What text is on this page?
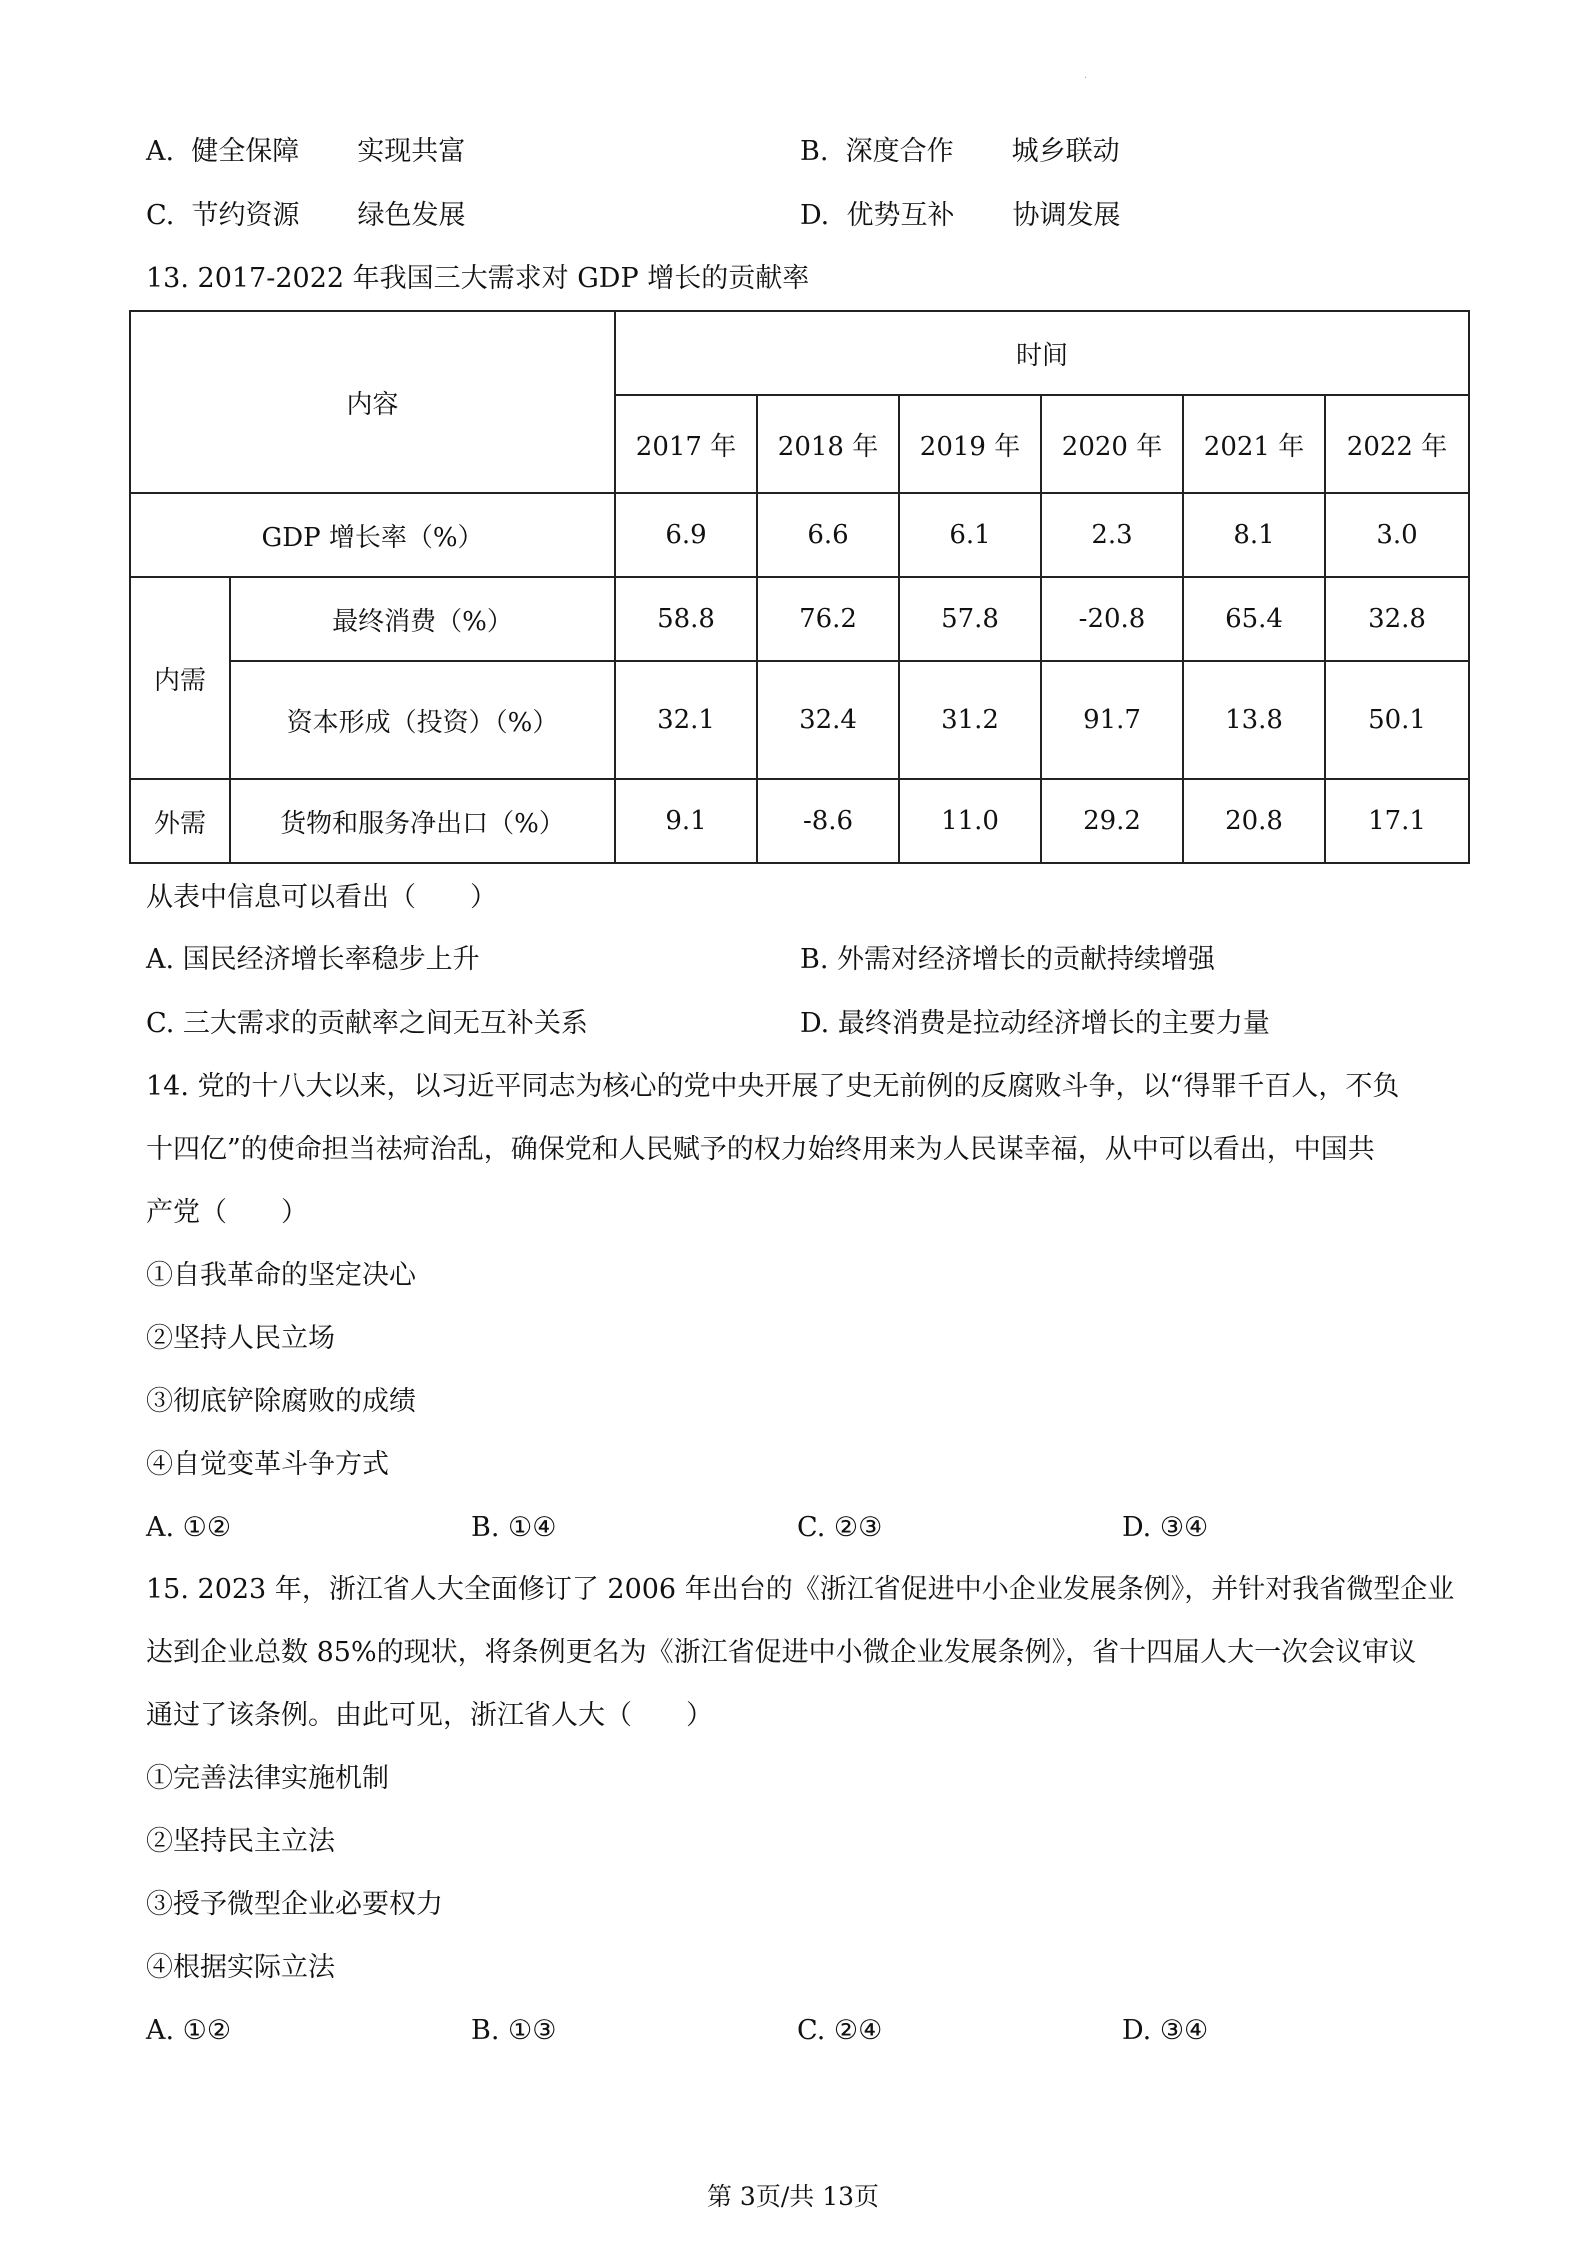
.
A. 健全保障 实现共富	B. 深度合作 城乡联动
C. 节约资源 绿色发展	D. 优势互补 协调发展
13. 2017-2022 年我国三大需求对 GDP 增长的贡献率
内容		时间					
		2017 年	2018 年	2019 年	2020 年	2021 年	2022 年
GDP 增长率（%）		6.9	6.6	6.1	2.3	8.1	3.0
内需	最终消费（%）	58.8	76.2	57.8	-20.8	65.4	32.8
	资本形成（投资）（%）	32.1	32.4	31.2	91.7	13.8	50.1
外需	货物和服务净出口（%）	9.1	-8.6	11.0	29.2	20.8	17.1
从表中信息可以看出（　　）
A. 国民经济增长率稳步上升	B. 外需对经济增长的贡献持续增强
C. 三大需求的贡献率之间无互补关系	D. 最终消费是拉动经济增长的主要力量
14. 党的十八大以来，以习近平同志为核心的党中央开展了史无前例的反腐败斗争，以“得罪千百人，不负
十四亿”的使命担当祛疴治乱，确保党和人民赋予的权力始终用来为人民谋幸福，从中可以看出，中国共
产党（　　）
①自我革命的坚定决心
②坚持人民立场
③彻底铲除腐败的成绩
④自觉变革斗争方式
A. ①②	B. ①④	C. ②③	D. ③④
15. 2023 年，浙江省人大全面修订了 2006 年出台的《浙江省促进中小企业发展条例》，并针对我省微型企业
达到企业总数 85%的现状，将条例更名为《浙江省促进中小微企业发展条例》，省十四届人大一次会议审议
通过了该条例。由此可见，浙江省人大（　　）
①完善法律实施机制
②坚持民主立法
③授予微型企业必要权力
④根据实际立法
A. ①②	B. ①③	C. ②④	D. ③④
第 3页/共 13页
